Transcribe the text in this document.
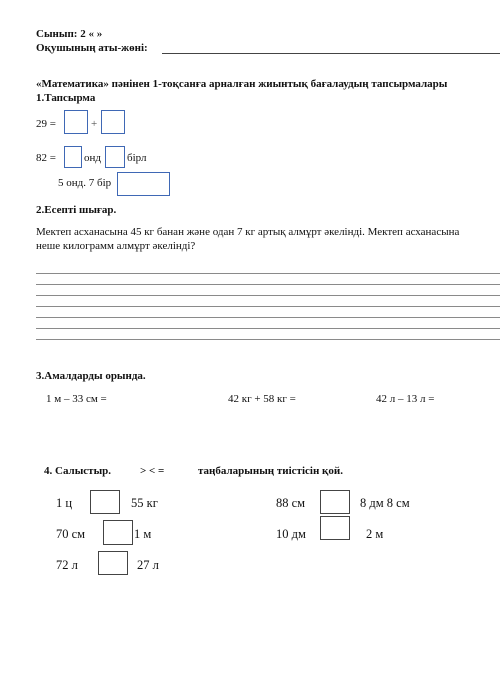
Сынып: 2 « »
Оқушының аты-жөні:
«Математика» пәнінен 1-тоқсанға арналған жиынтық бағалаудың тапсырмалары
1.Тапсырма
29 =	+
82 =	онд бірл
5 онд. 7 бір
2.Есепті шығар.
Мектеп асханасына 45 кг банан және одан 7 кг артық алмұрт әкелінді. Мектеп асханасына
неше килограмм алмұрт әкелінді?
3.Амалдарды орында.
1 м – 33 см =	42 кг + 58 кг =	42 л – 13 л =
4. Салыстыр.	> < =	таңбаларының тиістісін қой.
1 ц	55 кг	88 см	8 дм 8 см
70 см	1 м	10 дм	2 м
72 л	27 л
